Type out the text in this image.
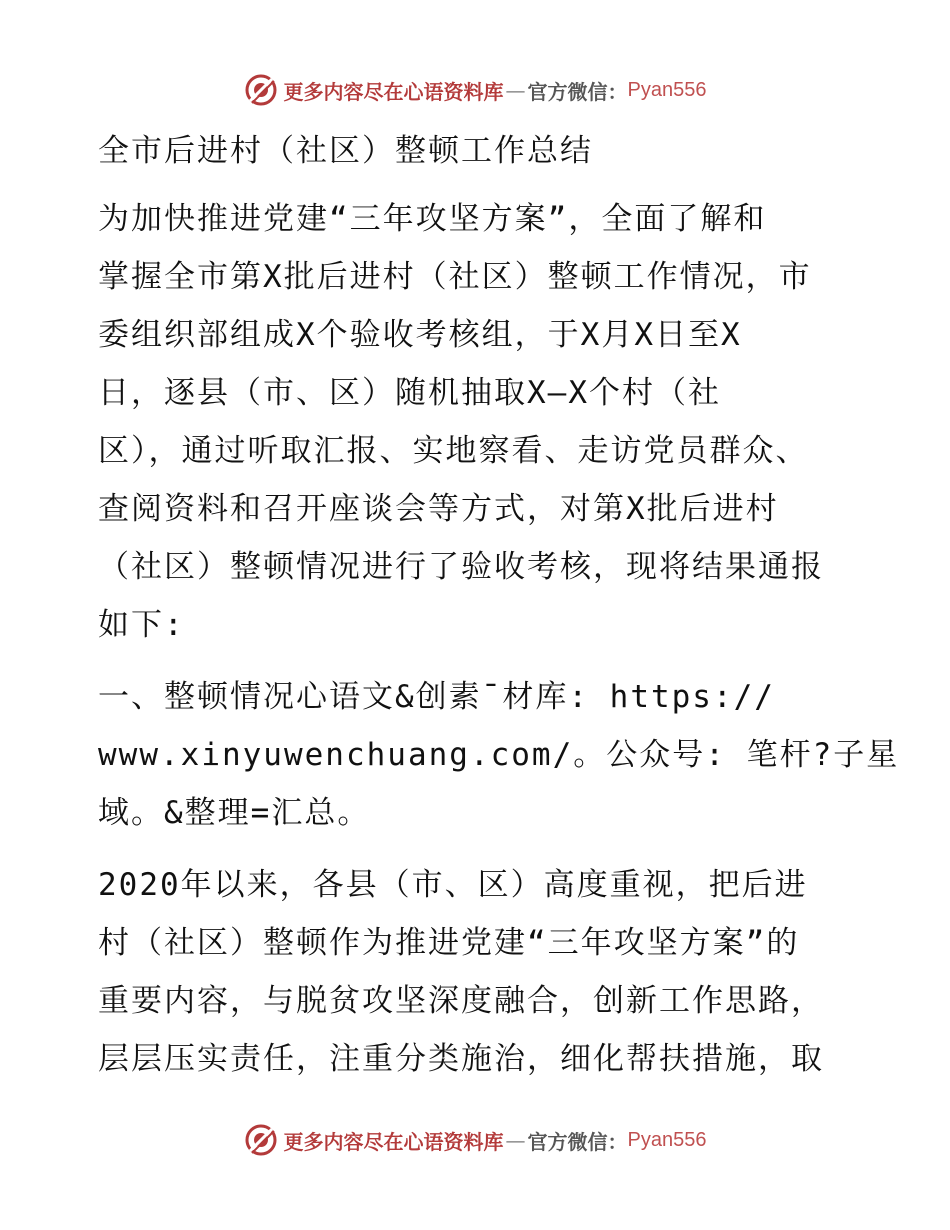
更多内容尽在心语资料库 — 官方微信： Pyan556

全市后进村（社区）整顿工作总结

为加快推进党建“三年攻坚方案”，全面了解和
掌握全市第X批后进村（社区）整顿工作情况，市
委组织部组成X个验收考核组，于X月X日至X
日，逐县（市、区）随机抽取X—X个村（社
区），通过听取汇报、实地察看、走访党员群众、
查阅资料和召开座谈会等方式，对第X批后进村
（社区）整顿情况进行了验收考核，现将结果通报
如下:

一、整顿情况心语文&创素¯材库: https://
www.xinyuwenchuang.com/。公众号: 笔杆?子星
域。&整理=汇总。

2020年以来，各县（市、区）高度重视，把后进
村（社区）整顿作为推进党建“三年攻坚方案”的
重要内容，与脱贫攻坚深度融合，创新工作思路，
层层压实责任，注重分类施治，细化帮扶措施，取

更多内容尽在心语资料库 — 官方微信： Pyan556
